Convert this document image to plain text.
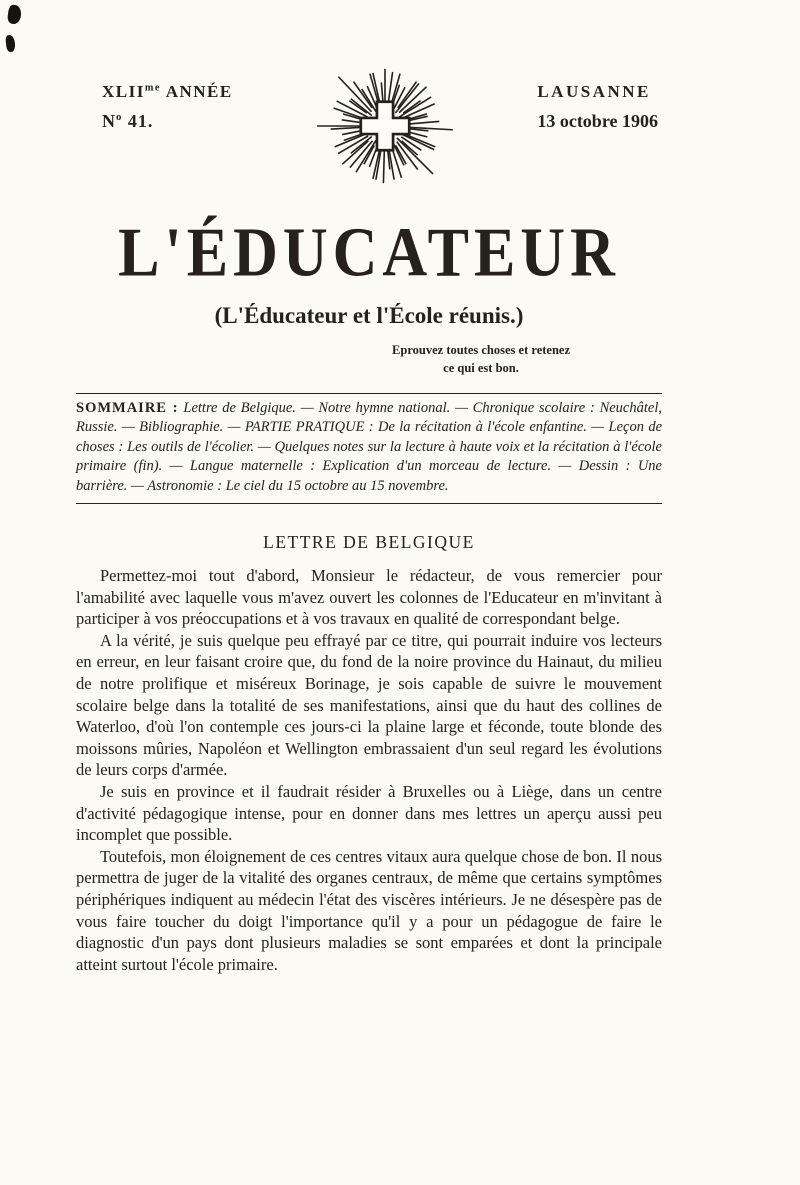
$XLII^{me}$ ANNÉE
$N^o$ 41.
LAUSANNE
13 octobre 1906
L'ÉDUCATEUR
(L'Éducateur et l'École réunis.)
Eprouvez toutes choses et retenez
ce qui est bon.
SOMMAIRE : Lettre de Belgique. — Notre hymne national. — Chronique scolaire : Neuchâtel, Russie. — Bibliographie. — PARTIE PRATIQUE : De la récitation à l'école enfantine. — Leçon de choses : Les outils de l'écolier. — Quelques notes sur la lecture à haute voix et la récitation à l'école primaire (fin). — Langue maternelle : Explication d'un morceau de lecture. — Dessin : Une barrière. — Astronomie : Le ciel du 15 octobre au 15 novembre.
LETTRE DE BELGIQUE

Permettez-moi tout d'abord, Monsieur le rédacteur, de vous remercier pour l'amabilité avec laquelle vous m'avez ouvert les colonnes de l'Educateur en m'invitant à participer à vos préoccupations et à vos travaux en qualité de correspondant belge.

A la vérité, je suis quelque peu effrayé par ce titre, qui pourrait induire vos lecteurs en erreur, en leur faisant croire que, du fond de la noire province du Hainaut, du milieu de notre prolifique et miséreux Borinage, je sois capable de suivre le mouvement scolaire belge dans la totalité de ses manifestations, ainsi que du haut des collines de Waterloo, d'où l'on contemple ces jours-ci la plaine large et féconde, toute blonde des moissons mûries, Napoléon et Wellington embrassaient d'un seul regard les évolutions de leurs corps d'armée.

Je suis en province et il faudrait résider à Bruxelles ou à Liège, dans un centre d'activité pédagogique intense, pour en donner dans mes lettres un aperçu aussi peu incomplet que possible.

Toutefois, mon éloignement de ces centres vitaux aura quelque chose de bon. Il nous permettra de juger de la vitalité des organes centraux, de même que certains symptômes périphériques indiquent au médecin l'état des viscères intérieurs. Je ne désespère pas de vous faire toucher du doigt l'importance qu'il y a pour un pédagogue de faire le diagnostic d'un pays dont plusieurs maladies se sont emparées et dont la principale atteint surtout l'école primaire.
